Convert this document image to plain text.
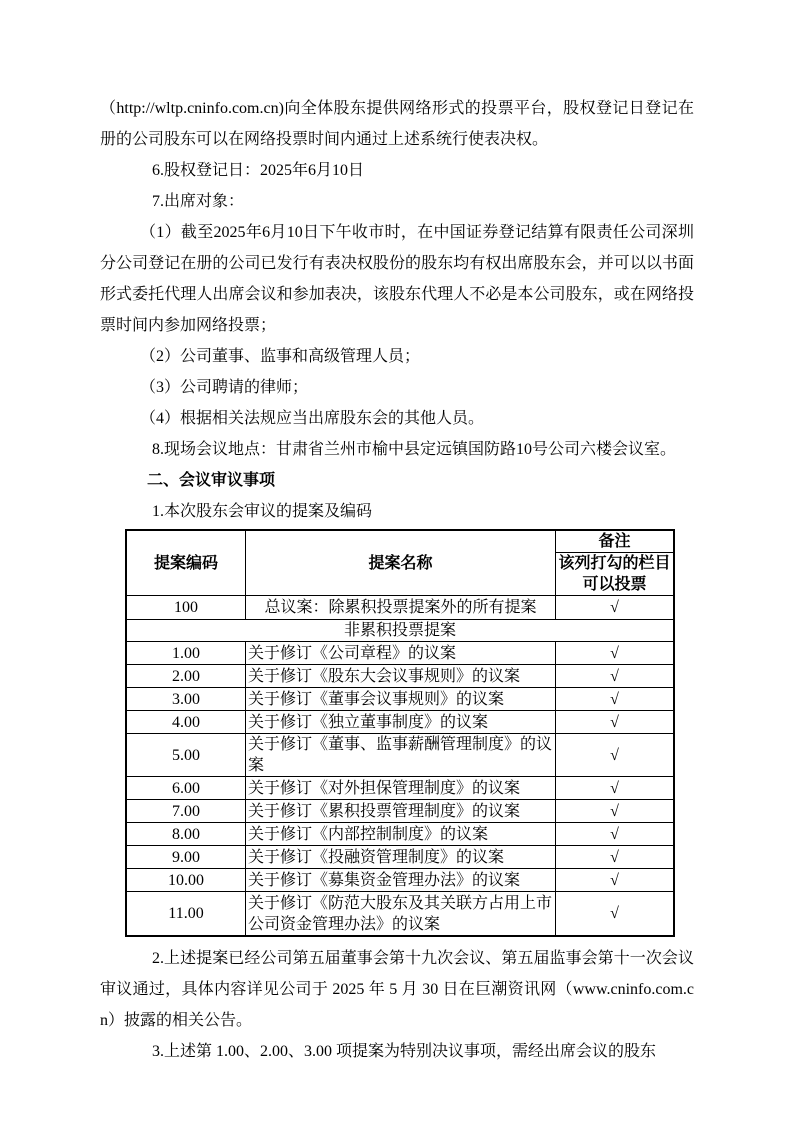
（http://wltp.cninfo.com.cn)向全体股东提供网络形式的投票平台，股权登记日登记在册的公司股东可以在网络投票时间内通过上述系统行使表决权。

6.股权登记日：2025年6月10日

7.出席对象：

（1）截至2025年6月10日下午收市时，在中国证券登记结算有限责任公司深圳分公司登记在册的公司已发行有表决权股份的股东均有权出席股东会，并可以以书面形式委托代理人出席会议和参加表决，该股东代理人不必是本公司股东，或在网络投票时间内参加网络投票；

（2）公司董事、监事和高级管理人员；

（3）公司聘请的律师；

（4）根据相关法规应当出席股东会的其他人员。

8.现场会议地点：甘肃省兰州市榆中县定远镇国防路10号公司六楼会议室。

二、会议审议事项

1.本次股东会审议的提案及编码

提案编码	提案名称	备注
		该列打勾的栏目可以投票
100	总议案：除累积投票提案外的所有提案	√
非累积投票提案		
1.00	关于修订《公司章程》的议案	√
2.00	关于修订《股东大会议事规则》的议案	√
3.00	关于修订《董事会议事规则》的议案	√
4.00	关于修订《独立董事制度》的议案	√
5.00	关于修订《董事、监事薪酬管理制度》的议案	√
6.00	关于修订《对外担保管理制度》的议案	√
7.00	关于修订《累积投票管理制度》的议案	√
8.00	关于修订《内部控制制度》的议案	√
9.00	关于修订《投融资管理制度》的议案	√
10.00	关于修订《募集资金管理办法》的议案	√
11.00	关于修订《防范大股东及其关联方占用上市公司资金管理办法》的议案	√

2.上述提案已经公司第五届董事会第十九次会议、第五届监事会第十一次会议审议通过，具体内容详见公司于 2025 年 5 月 30 日在巨潮资讯网（www.cninfo.com.cn）披露的相关公告。

3.上述第 1.00、2.00、3.00 项提案为特别决议事项，需经出席会议的股东
